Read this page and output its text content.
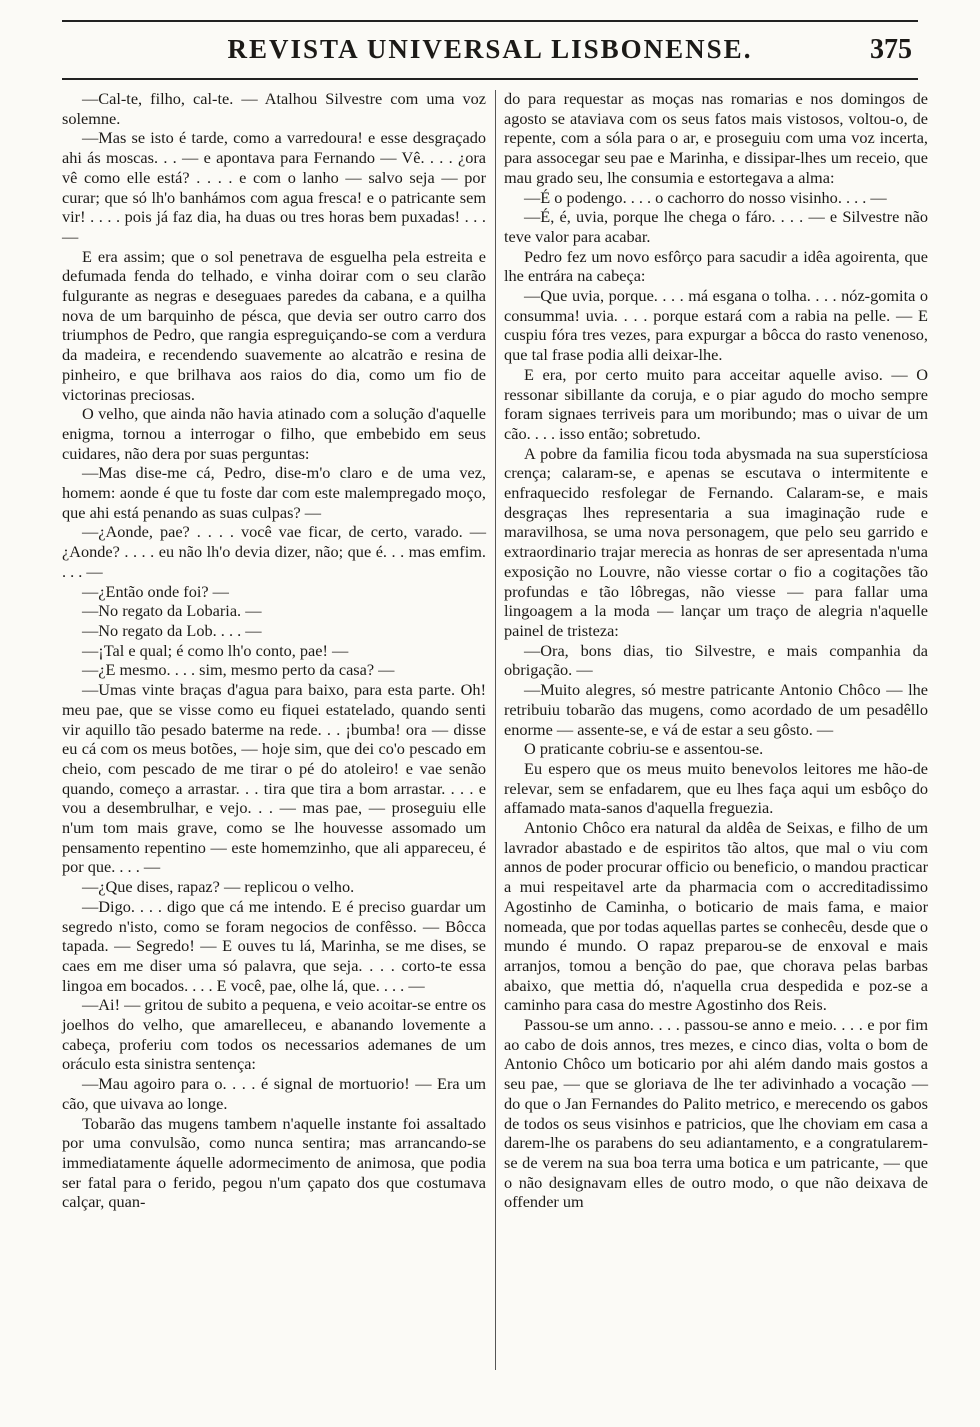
REVISTA UNIVERSAL LISBONENSE.	375

—Cal-te, filho, cal-te. — Atalhou Silvestre com uma voz solemne.

—Mas se isto é tarde, como a varredoura! e esse desgraçado ahi ás moscas. . . — e apontava para Fernando — Vê. . . . ¿ora vê como elle está? . . . . e com o lanho — salvo seja — por curar; que só lh'o banhámos com agua fresca! e o patricante sem vir! . . . . pois já faz dia, ha duas ou tres horas bem puxadas! . . . —

E era assim; que o sol penetrava de esguelha pela estreita e defumada fenda do telhado, e vinha doirar com o seu clarão fulgurante as negras e deseguaes paredes da cabana, e a quilha nova de um barquinho de pésca, que devia ser outro carro dos triumphos de Pedro, que rangia espreguiçando-se com a verdura da madeira, e recendendo suavemente ao alcatrão e resina de pinheiro, e que brilhava aos raios do dia, como um fio de victorinas preciosas.

O velho, que ainda não havia atinado com a solução d'aquelle enigma, tornou a interrogar o filho, que embebido em seus cuidares, não dera por suas perguntas:

—Mas dise-me cá, Pedro, dise-m'o claro e de uma vez, homem: aonde é que tu foste dar com este malempregado moço, que ahi está penando as suas culpas? —

—¿Aonde, pae? . . . . você vae ficar, de certo, varado. — ¿Aonde? . . . . eu não lh'o devia dizer, não; que é. . . mas emfim. . . . —

—¿Então onde foi? —

—No regato da Lobaria. —

—No regato da Lob. . . . —

—¡Tal e qual; é como lh'o conto, pae! —

—¿E mesmo. . . . sim, mesmo perto da casa? —

—Umas vinte braças d'agua para baixo, para esta parte. Oh! meu pae, que se visse como eu fiquei estatelado, quando senti vir aquillo tão pesado baterme na rede. . . ¡bumba! ora — disse eu cá com os meus botões, — hoje sim, que dei co'o pescado em cheio, com pescado de me tirar o pé do atoleiro! e vae senão quando, começo a arrastar. . . tira que tira a bom arrastar. . . . e vou a desembrulhar, e vejo. . . — mas pae, — proseguiu elle n'um tom mais grave, como se lhe houvesse assomado um pensamento repentino — este homemzinho, que ali appareceu, é por que. . . . —

—¿Que dises, rapaz? — replicou o velho.

—Digo. . . . digo que cá me intendo. E é preciso guardar um segredo n'isto, como se foram negocios de confêsso. — Bôcca tapada. — Segredo! — E ouves tu lá, Marinha, se me dises, se caes em me diser uma só palavra, que seja. . . . corto-te essa lingoa em bocados. . . . E você, pae, olhe lá, que. . . . —

—Ai! — gritou de subito a pequena, e veio acoitar-se entre os joelhos do velho, que amarelleceu, e abanando lovemente a cabeça, proferiu com todos os necessarios ademanes de um oráculo esta sinistra sentença:

—Mau agoiro para o. . . . é signal de mortuorio! — Era um cão, que uivava ao longe.

Tobarão das mugens tambem n'aquelle instante foi assaltado por uma convulsão, como nunca sentira; mas arrancando-se immediatamente áquelle adormecimento de animosa, que podia ser fatal para o ferido, pegou n'um çapato dos que costumava calçar, quan-

do para requestar as moças nas romarias e nos domingos de agosto se ataviava com os seus fatos mais vistosos, voltou-o, de repente, com a sóla para o ar, e proseguiu com uma voz incerta, para assocegar seu pae e Marinha, e dissipar-lhes um receio, que mau grado seu, lhe consumia e estortegava a alma:

—É o podengo. . . . o cachorro do nosso visinho. . . . —

—É, é, uvia, porque lhe chega o fáro. . . . — e Silvestre não teve valor para acabar.

Pedro fez um novo esfôrço para sacudir a idêa agoirenta, que lhe entrára na cabeça:

—Que uvia, porque. . . . má esgana o tolha. . . . nóz-gomita o consumma! uvia. . . . porque estará com a rabia na pelle. — E cuspiu fóra tres vezes, para expurgar a bôcca do rasto venenoso, que tal frase podia alli deixar-lhe.

E era, por certo muito para acceitar aquelle aviso. — O ressonar sibillante da coruja, e o piar agudo do mocho sempre foram signaes terriveis para um moribundo; mas o uivar de um cão. . . . isso então; sobretudo.

A pobre da familia ficou toda abysmada na sua superstíciosa crença; calaram-se, e apenas se escutava o intermitente e enfraquecido resfolegar de Fernando. Calaram-se, e mais desgraças lhes representaria a sua imaginação rude e maravilhosa, se uma nova personagem, que pelo seu garrido e extraordinario trajar merecia as honras de ser apresentada n'uma exposição no Louvre, não viesse cortar o fio a cogitações tão profundas e tão lôbregas, não viesse — para fallar uma lingoagem a la moda — lançar um traço de alegria n'aquelle painel de tristeza:

—Ora, bons dias, tio Silvestre, e mais companhia da obrigação. —

—Muito alegres, só mestre patricante Antonio Chôco — lhe retribuiu tobarão das mugens, como acordado de um pesadêllo enorme — assente-se, e vá de estar a seu gôsto. —

O praticante cobriu-se e assentou-se.

Eu espero que os meus muito benevolos leitores me hão-de relevar, sem se enfadarem, que eu lhes faça aqui um esbôço do affamado mata-sanos d'aquella freguezia.

Antonio Chôco era natural da aldêa de Seixas, e filho de um lavrador abastado e de espiritos tão altos, que mal o viu com annos de poder procurar officio ou beneficio, o mandou practicar a mui respeitavel arte da pharmacia com o accreditadissimo Agostinho de Caminha, o boticario de mais fama, e maior nomeada, que por todas aquellas partes se conhecêu, desde que o mundo é mundo. O rapaz preparou-se de enxoval e mais arranjos, tomou a benção do pae, que chorava pelas barbas abaixo, que mettia dó, n'aquella crua despedida e poz-se a caminho para casa do mestre Agostinho dos Reis.

Passou-se um anno. . . . passou-se anno e meio. . . . e por fim ao cabo de dois annos, tres mezes, e cinco dias, volta o bom de Antonio Chôco um boticario por ahi além dando mais gostos a seu pae, — que se gloriava de lhe ter adivinhado a vocação — do que o Jan Fernandes do Palito metrico, e merecendo os gabos de todos os seus visinhos e patricios, que lhe choviam em casa a darem-lhe os parabens do seu adiantamento, e a congratularem-se de verem na sua boa terra uma botica e um patricante, — que o não designavam elles de outro modo, o que não deixava de offender um
